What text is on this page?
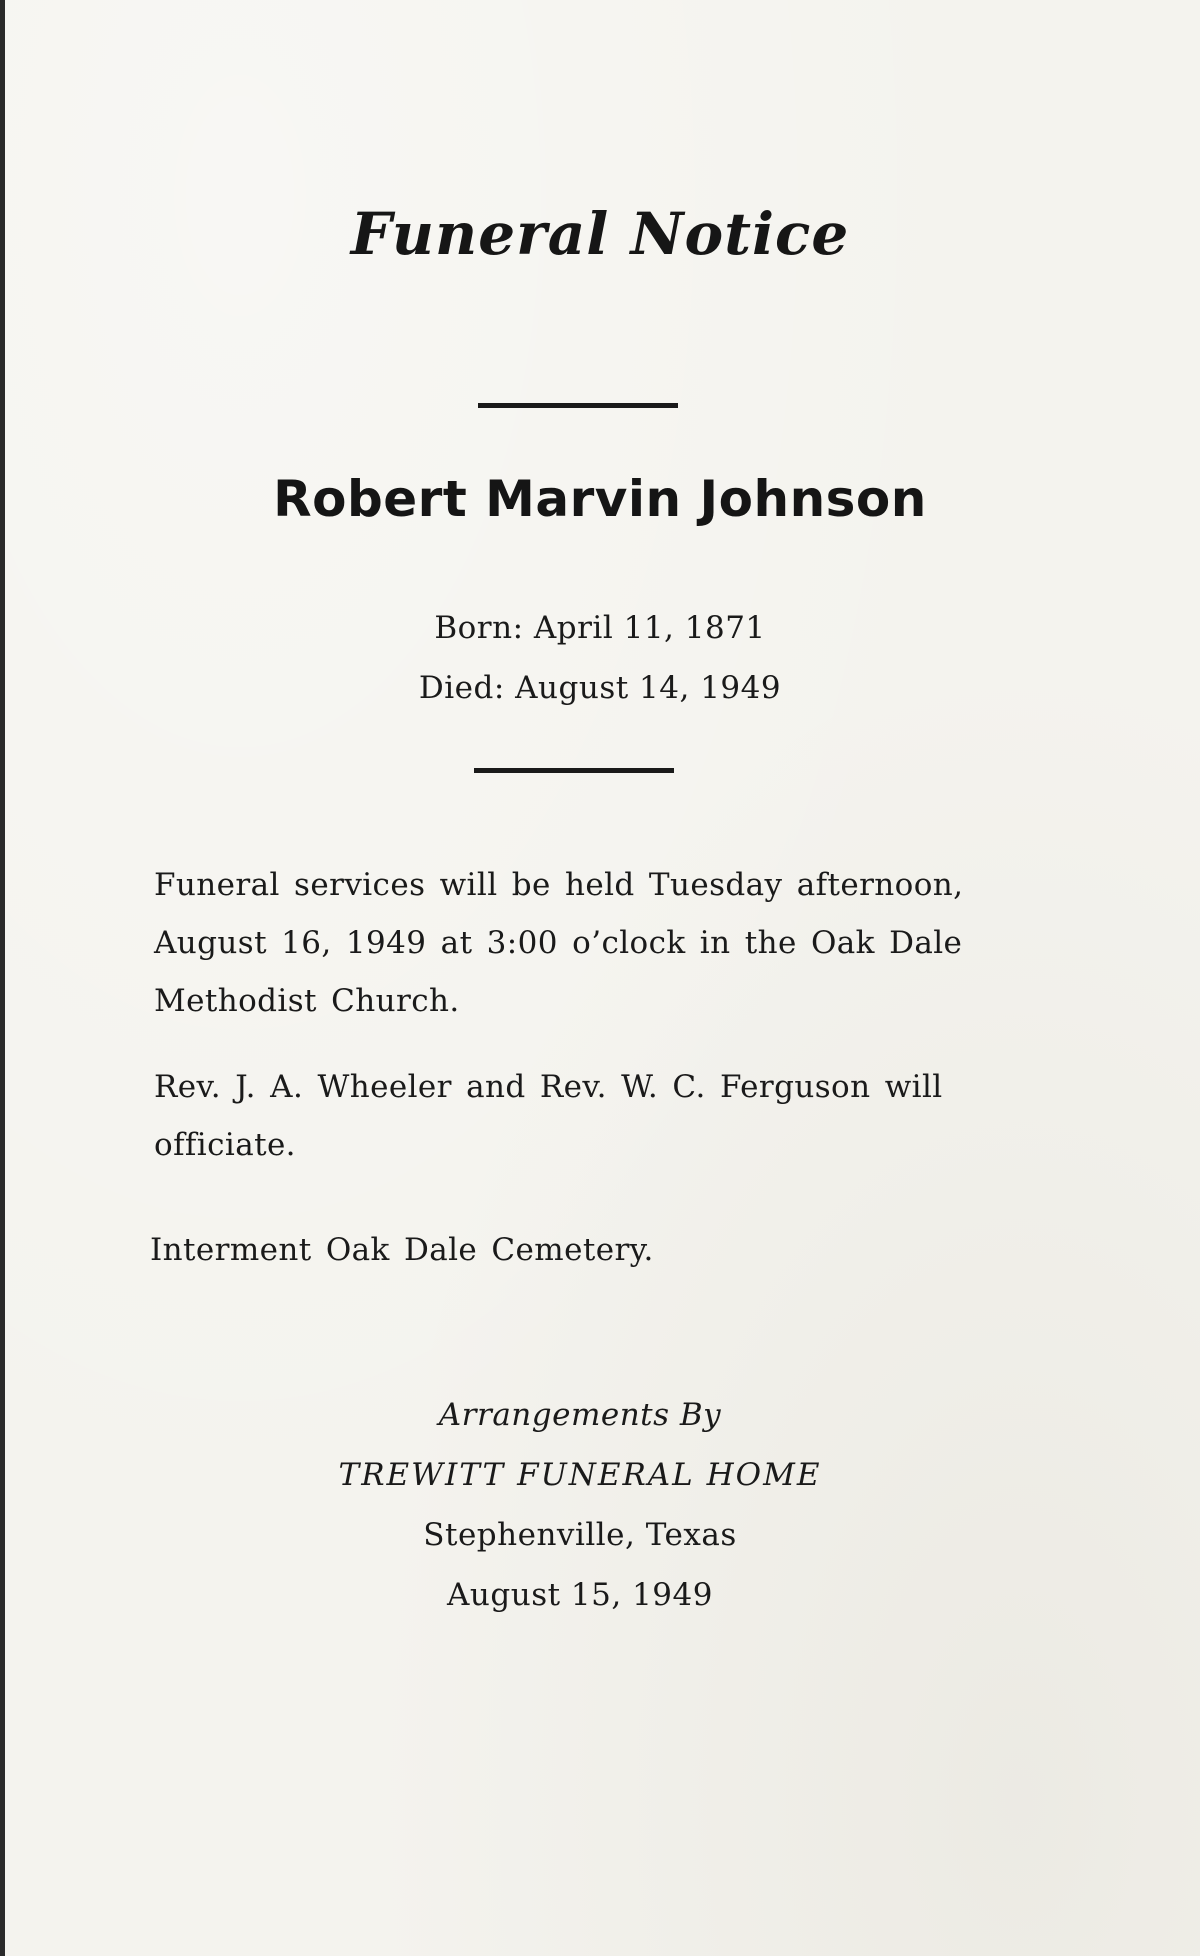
Funeral Notice
Robert Marvin Johnson
Born: April 11, 1871
Died: August 14, 1949
Funeral services will be held Tuesday afternoon, August 16, 1949 at 3:00 o’clock in the Oak Dale Methodist Church.
Rev. J. A. Wheeler and Rev. W. C. Ferguson will officiate.
Interment Oak Dale Cemetery.
Arrangements By
TREWITT FUNERAL HOME
Stephenville, Texas
August 15, 1949
